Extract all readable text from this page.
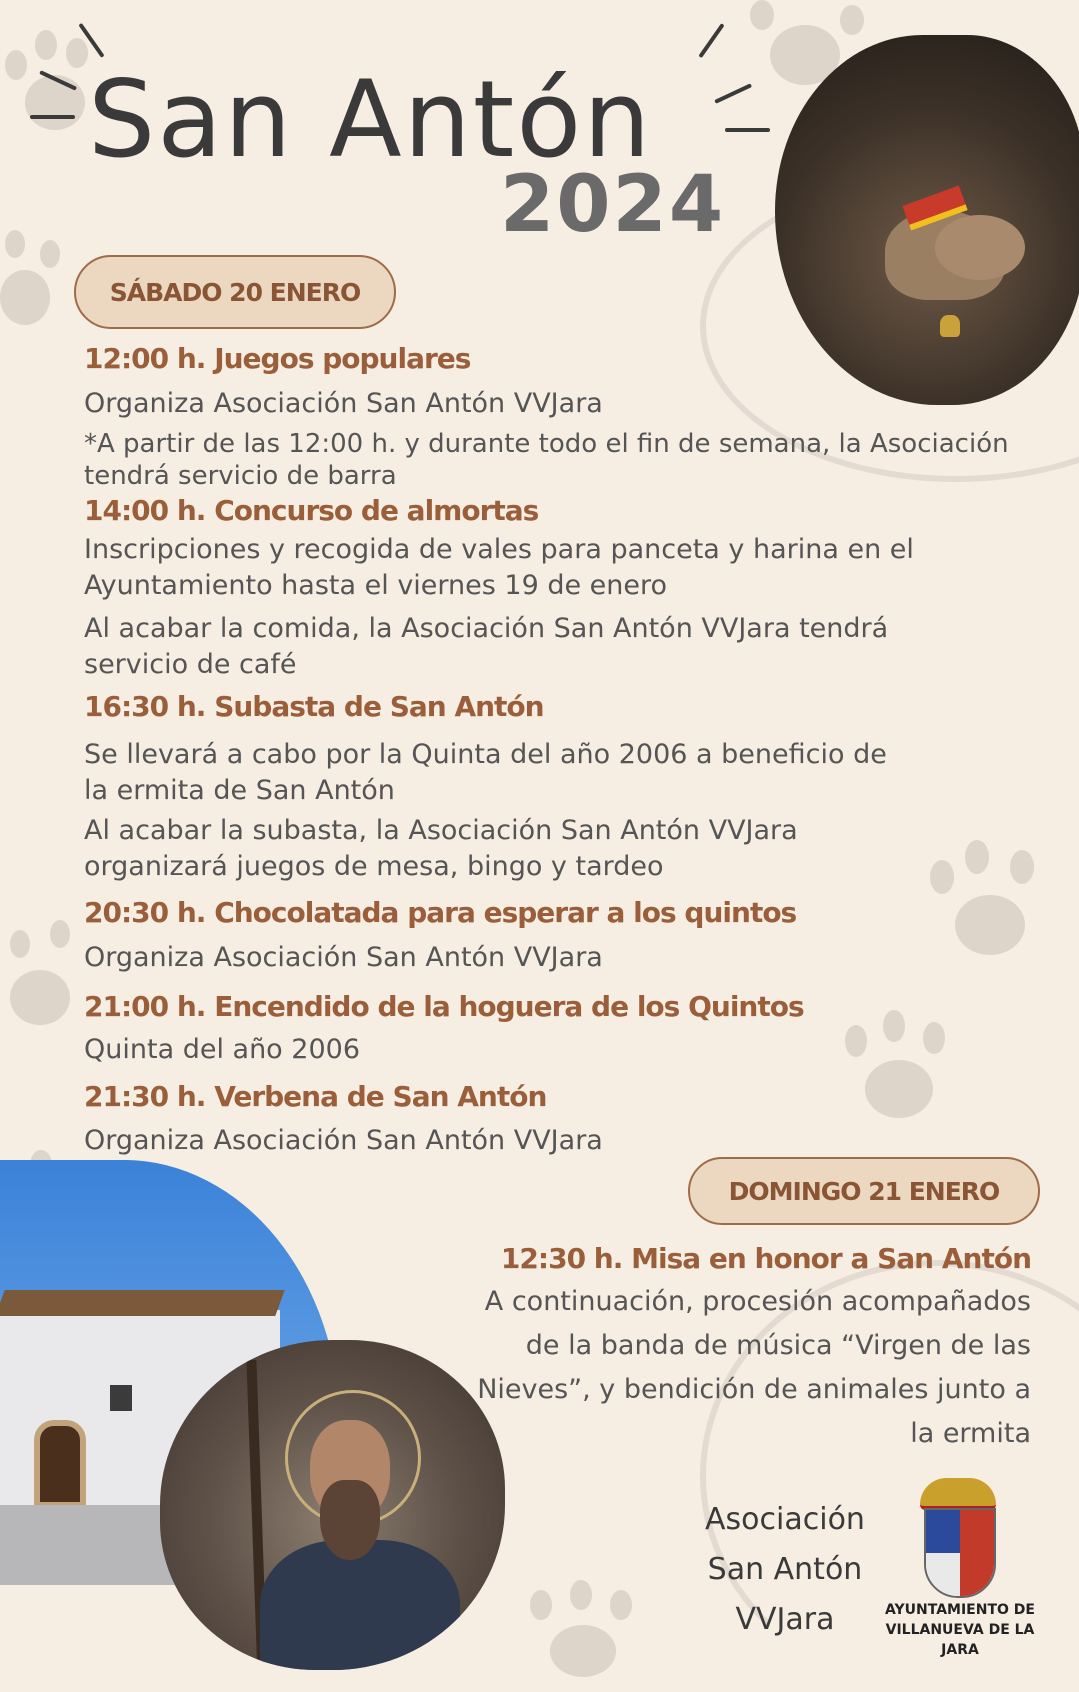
San Antón
2024
SÁBADO 20 ENERO
12:00 h. Juegos populares
Organiza Asociación San Antón VVJara
*A partir de las 12:00 h. y durante todo el fin de semana, la Asociación
tendrá servicio de barra
14:00 h. Concurso de almortas
Inscripciones y recogida de vales para panceta y harina en el
Ayuntamiento hasta el viernes 19 de enero
Al acabar la comida, la Asociación San Antón VVJara tendrá
servicio de café
16:30 h. Subasta de San Antón
Se llevará a cabo por la Quinta del año 2006 a beneficio de
la ermita de San Antón
Al acabar la subasta, la Asociación San Antón VVJara
organizará juegos de mesa, bingo y tardeo
20:30 h. Chocolatada para esperar a los quintos
Organiza Asociación San Antón VVJara
21:00 h. Encendido de la hoguera de los Quintos
Quinta del año 2006
21:30 h. Verbena de San Antón
Organiza Asociación San Antón VVJara
DOMINGO 21 ENERO
12:30 h. Misa en honor a San Antón
A continuación, procesión acompañados
de la banda de música “Virgen de las
Nieves”, y bendición de animales junto a
la ermita
Asociación
San Antón
VVJara	AYUNTAMIENTO DE
VILLANUEVA DE LA JARA
